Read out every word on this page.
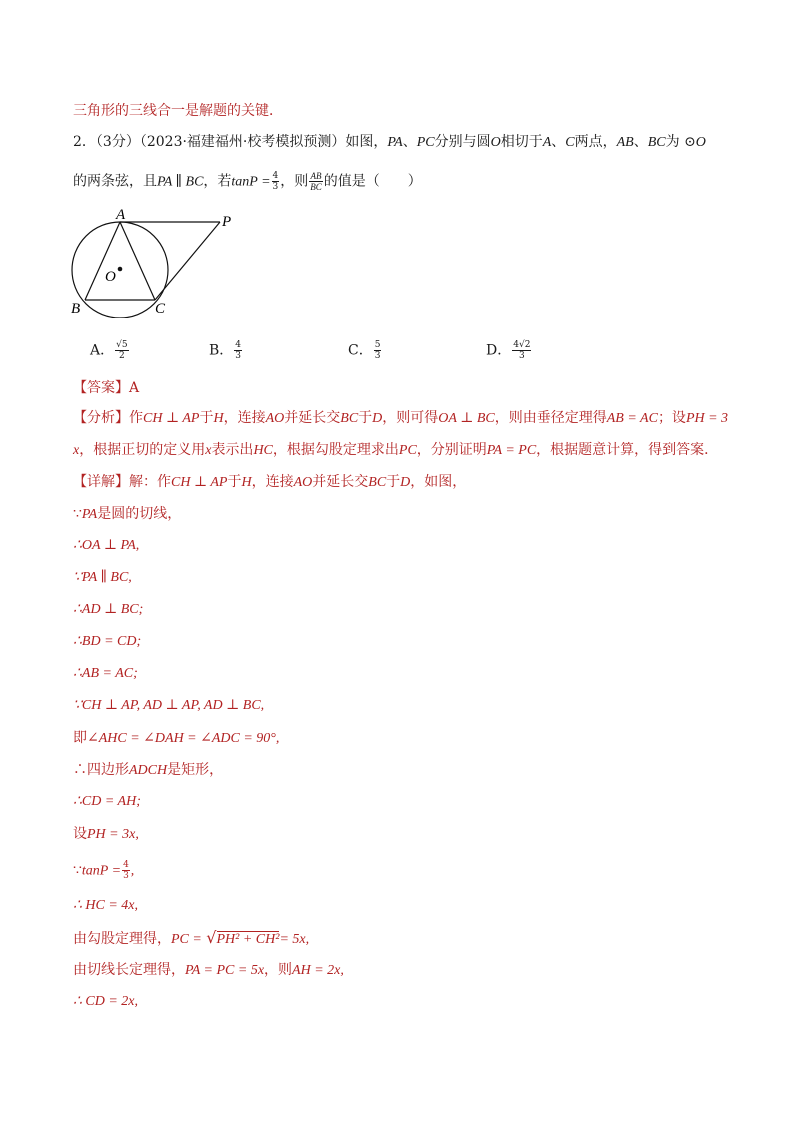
三角形的三线合一是解题的关键．
2．（3分）（2023·福建福州·校考模拟预测）如图，PA、PC分别与圆O相切于A、C两点，AB、BC为 ⊙O
的两条弦，且PA ∥ BC，若$\tan P = \frac{4}{3}$ ，则 $\frac{AB}{BC}$ 的值是（　　）
A	P
O
B	C
A． $\frac{√5}{2}$	B． $\frac{4}{3}$	C． $\frac{5}{3}$	D． $\frac{4√2}{3}$
【答案】A
【分析】作CH ⊥ AP于H，连接AO并延长交BC于D，则可得OA ⊥ BC，则由垂径定理得AB = AC；设PH = 3
x，根据正切的定义用x表示出HC，根据勾股定理求出PC，分别证明PA = PC，根据题意计算，得到答案．
【详解】解：作CH ⊥ AP于H，连接AO并延长交BC于D，如图，
∵PA是圆的切线，
∴OA ⊥ PA,
∵PA ∥ BC,
∴AD ⊥ BC;
∴BD = CD;
∴AB = AC;
∵CH ⊥ AP, AD ⊥ AP, AD ⊥ BC,
即∠AHC = ∠DAH = ∠ADC = 90°,
∴四边形ADCH是矩形，
∴CD = AH;
设PH = 3x,
∵tanP = $\frac{4}{3}$ ,
∴ HC = 4x,
由勾股定理得，PC = √PH² + CH²= 5x,
由切线长定理得，PA = PC = 5x，则AH = 2x,
∴ CD = 2x,
